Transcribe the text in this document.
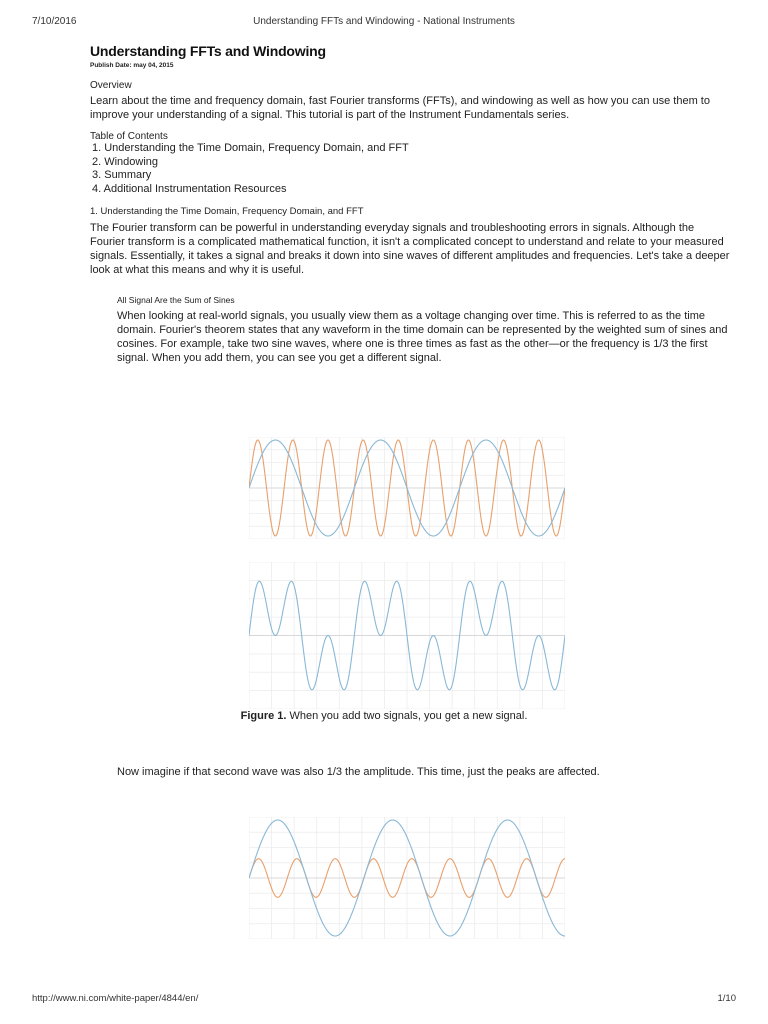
7/10/2016	Understanding FFTs and Windowing - National Instruments
Understanding FFTs and Windowing
Publish Date: may 04, 2015
Overview
Learn about the time and frequency domain, fast Fourier transforms (FFTs), and windowing as well as how you can use them to improve your understanding of a signal. This tutorial is part of the Instrument Fundamentals series.
Table of Contents
1. Understanding the Time Domain, Frequency Domain, and FFT
2. Windowing
3. Summary
4. Additional Instrumentation Resources
1. Understanding the Time Domain, Frequency Domain, and FFT
The Fourier transform can be powerful in understanding everyday signals and troubleshooting errors in signals. Although the Fourier transform is a complicated mathematical function, it isn't a complicated concept to understand and relate to your measured signals. Essentially, it takes a signal and breaks it down into sine waves of different amplitudes and frequencies. Let's take a deeper look at what this means and why it is useful.
All Signal Are the Sum of Sines
When looking at real-world signals, you usually view them as a voltage changing over time. This is referred to as the time domain. Fourier's theorem states that any waveform in the time domain can be represented by the weighted sum of sines and cosines. For example, take two sine waves, where one is three times as fast as the other—or the frequency is 1/3 the first signal. When you add them, you can see you get a different signal.
Figure 1. When you add two signals, you get a new signal.
Now imagine if that second wave was also 1/3 the amplitude. This time, just the peaks are affected.
http://www.ni.com/white-paper/4844/en/	1/10
